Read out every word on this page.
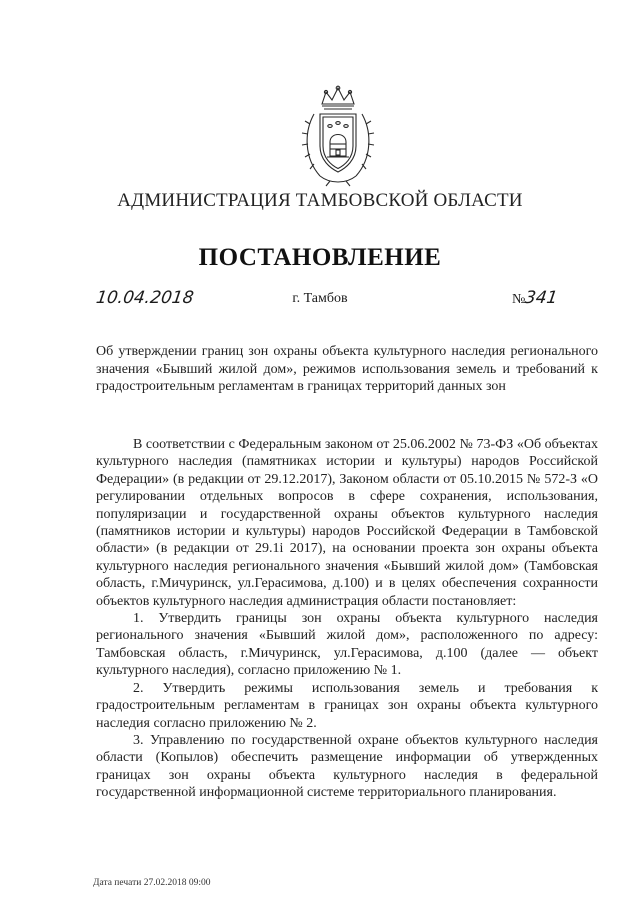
АДМИНИСТРАЦИЯ ТАМБОВСКОЙ ОБЛАСТИ
ПОСТАНОВЛЕНИЕ
10.04.2018	г. Тамбов	№341
Об утверждении границ зон охраны объекта культурного наследия регионального значения «Бывший жилой дом», режимов использования земель и требований к градостроительным регламентам в границах территорий данных зон

В соответствии с Федеральным законом от 25.06.2002 № 73-ФЗ «Об объектах культурного наследия (памятниках истории и культуры) народов Российской Федерации» (в редакции от 29.12.2017), Законом области от 05.10.2015 № 572-З «О регулировании отдельных вопросов в сфере сохранения, использования, популяризации и государственной охраны объектов культурного наследия (памятников истории и культуры) народов Российской Федерации в Тамбовской области» (в редакции от 29.1і 2017), на основании проекта зон охраны объекта культурного наследия регионального значения «Бывший жилой дом» (Тамбовская область, г.Мичуринск, ул.Герасимова, д.100) и в целях обеспечения сохранности объектов культурного наследия администрация области постановляет:

1. Утвердить границы зон охраны объекта культурного наследия регионального значения «Бывший жилой дом», расположенного по адресу: Тамбовская область, г.Мичуринск, ул.Герасимова, д.100 (далее — объект культурного наследия), согласно приложению № 1.

2. Утвердить режимы использования земель и требования к градостроительным регламентам в границах зон охраны объекта культурного наследия согласно приложению № 2.

3. Управлению по государственной охране объектов культурного наследия области (Копылов) обеспечить размещение информации об утвержденных границах зон охраны объекта культурного наследия в федеральной государственной информационной системе территориального планирования.

Дата печати 27.02.2018 09:00
